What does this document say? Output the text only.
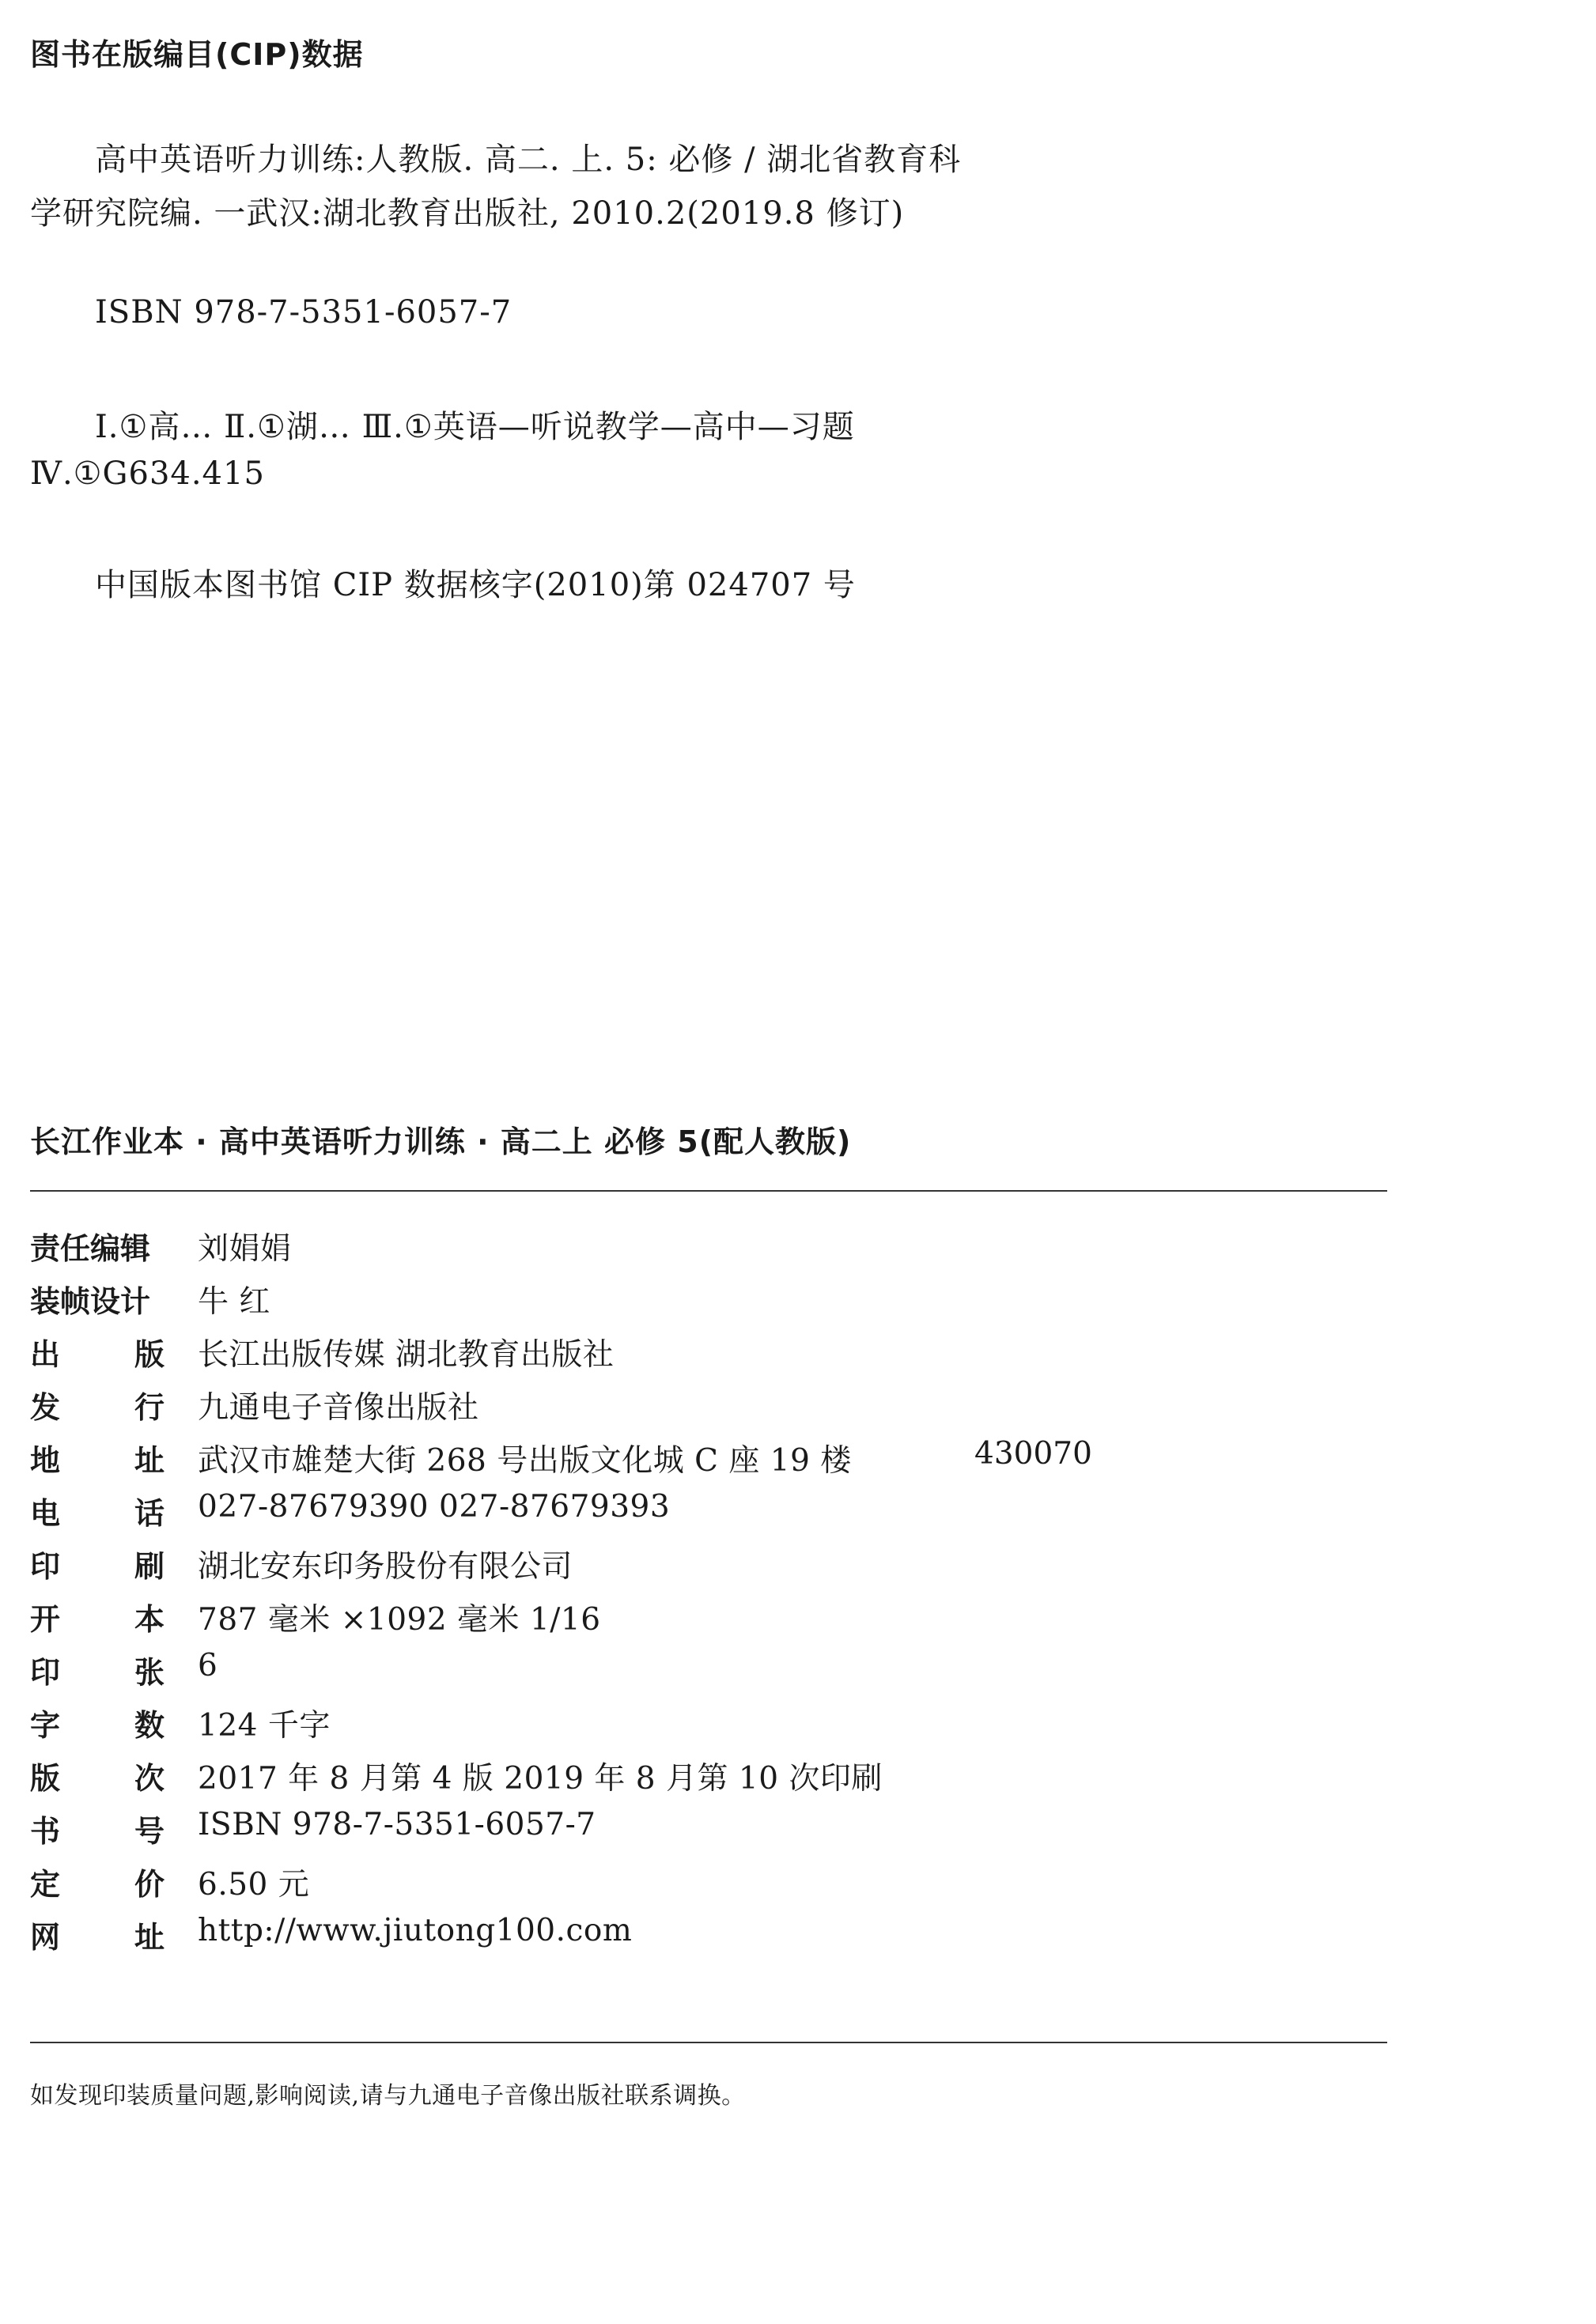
图书在版编目(CIP)数据
高中英语听力训练:人教版. 高二. 上. 5: 必修 / 湖北省教育科
学研究院编. 一武汉:湖北教育出版社, 2010.2(2019.8 修订)
ISBN 978-7-5351-6057-7
Ⅰ.①高… Ⅱ.①湖… Ⅲ.①英语—听说教学—高中—习题
Ⅳ.①G634.415
中国版本图书馆 CIP 数据核字(2010)第 024707 号
长江作业本 · 高中英语听力训练 · 高二上 必修 5(配人教版)
责任编辑 刘娟娟
装帧设计 牛 红
出 版 长江出版传媒 湖北教育出版社
发 行 九通电子音像出版社
地 址 武汉市雄楚大街 268 号出版文化城 C 座 19 楼	430070
电 话 027-87679390 027-87679393
印 刷 湖北安东印务股份有限公司
开 本 787 毫米 ×1092 毫米 1/16
印 张 6
字 数 124 千字
版 次 2017 年 8 月第 4 版 2019 年 8 月第 10 次印刷
书 号 ISBN 978-7-5351-6057-7
定 价 6.50 元
网 址 http://www.jiutong100.com
如发现印装质量问题,影响阅读,请与九通电子音像出版社联系调换。
